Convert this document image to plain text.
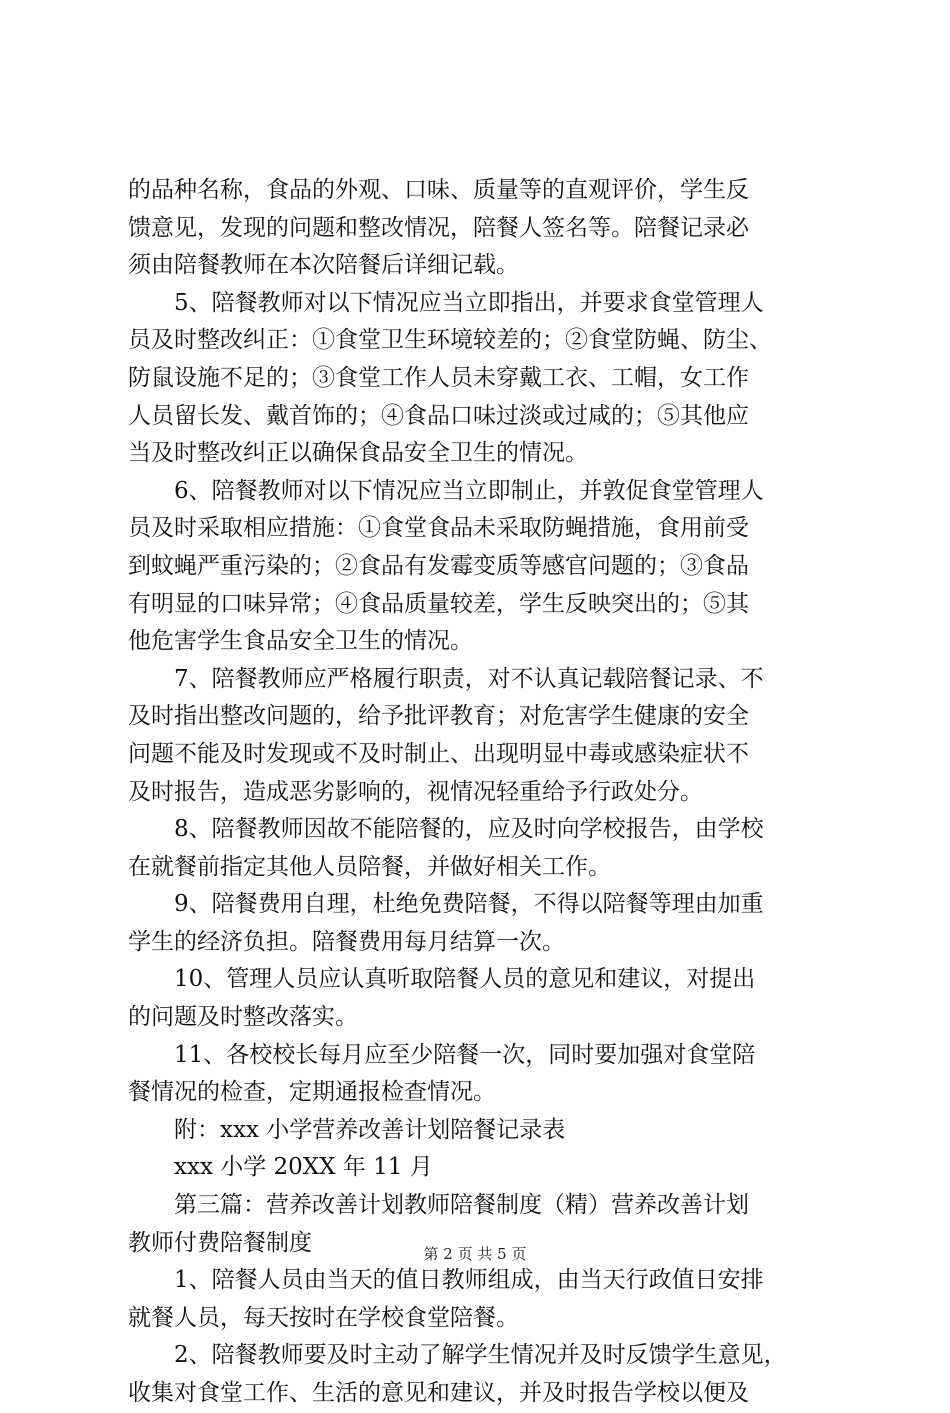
的品种名称，食品的外观、口味、质量等的直观评价，学生反
馈意见，发现的问题和整改情况，陪餐人签名等。陪餐记录必
须由陪餐教师在本次陪餐后详细记载。
5、陪餐教师对以下情况应当立即指出，并要求食堂管理人
员及时整改纠正：①食堂卫生环境较差的；②食堂防蝇、防尘、
防鼠设施不足的；③食堂工作人员未穿戴工衣、工帽，女工作
人员留长发、戴首饰的；④食品口味过淡或过咸的；⑤其他应
当及时整改纠正以确保食品安全卫生的情况。
6、陪餐教师对以下情况应当立即制止，并敦促食堂管理人
员及时采取相应措施：①食堂食品未采取防蝇措施，食用前受
到蚊蝇严重污染的；②食品有发霉变质等感官问题的；③食品
有明显的口味异常；④食品质量较差，学生反映突出的；⑤其
他危害学生食品安全卫生的情况。
7、陪餐教师应严格履行职责，对不认真记载陪餐记录、不
及时指出整改问题的，给予批评教育；对危害学生健康的安全
问题不能及时发现或不及时制止、出现明显中毒或感染症状不
及时报告，造成恶劣影响的，视情况轻重给予行政处分。
8、陪餐教师因故不能陪餐的，应及时向学校报告，由学校
在就餐前指定其他人员陪餐，并做好相关工作。
9、陪餐费用自理，杜绝免费陪餐，不得以陪餐等理由加重
学生的经济负担。陪餐费用每月结算一次。
10、管理人员应认真听取陪餐人员的意见和建议，对提出
的问题及时整改落实。
11、各校校长每月应至少陪餐一次，同时要加强对食堂陪
餐情况的检查，定期通报检查情况。
附：xxx 小学营养改善计划陪餐记录表
xxx 小学 20XX 年 11 月
第三篇：营养改善计划教师陪餐制度（精）营养改善计划
教师付费陪餐制度
1、陪餐人员由当天的值日教师组成，由当天行政值日安排
就餐人员，每天按时在学校食堂陪餐。
2、陪餐教师要及时主动了解学生情况并及时反馈学生意见，
收集对食堂工作、生活的意见和建议，并及时报告学校以便及
第 2 页 共 5 页
